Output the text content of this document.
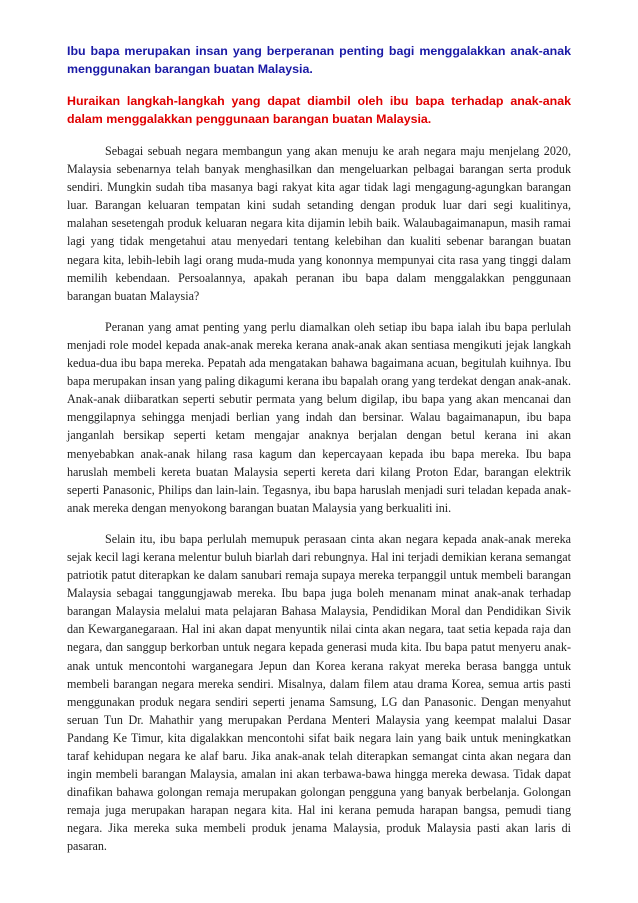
Ibu bapa merupakan insan yang berperanan penting bagi menggalakkan anak-anak menggunakan barangan buatan Malaysia.

Huraikan langkah-langkah yang dapat diambil oleh ibu bapa terhadap anak-anak dalam menggalakkan penggunaan barangan buatan Malaysia.

Sebagai sebuah negara membangun yang akan menuju ke arah negara maju menjelang 2020, Malaysia sebenarnya telah banyak menghasilkan dan mengeluarkan pelbagai barangan serta produk sendiri. Mungkin sudah tiba masanya bagi rakyat kita agar tidak lagi mengagung-agungkan barangan luar. Barangan keluaran tempatan kini sudah setanding dengan produk luar dari segi kualitinya, malahan sesetengah produk keluaran negara kita dijamin lebih baik. Walaubagaimanapun, masih ramai lagi yang tidak mengetahui atau menyedari tentang kelebihan dan kualiti sebenar barangan buatan negara kita, lebih-lebih lagi orang muda-muda yang kononnya mempunyai cita rasa yang tinggi dalam memilih kebendaan. Persoalannya, apakah peranan ibu bapa dalam menggalakkan penggunaan barangan buatan Malaysia?

Peranan yang amat penting yang perlu diamalkan oleh setiap ibu bapa ialah ibu bapa perlulah menjadi role model kepada anak-anak mereka kerana anak-anak akan sentiasa mengikuti jejak langkah kedua-dua ibu bapa mereka. Pepatah ada mengatakan bahawa bagaimana acuan, begitulah kuihnya. Ibu bapa merupakan insan yang paling dikagumi kerana ibu bapalah orang yang terdekat dengan anak-anak. Anak-anak diibaratkan seperti sebutir permata yang belum digilap, ibu bapa yang akan mencanai dan menggilapnya sehingga menjadi berlian yang indah dan bersinar. Walau bagaimanapun, ibu bapa janganlah bersikap seperti ketam mengajar anaknya berjalan dengan betul kerana ini akan menyebabkan anak-anak hilang rasa kagum dan kepercayaan kepada ibu bapa mereka. Ibu bapa haruslah membeli kereta buatan Malaysia seperti kereta dari kilang Proton Edar, barangan elektrik seperti Panasonic, Philips dan lain-lain. Tegasnya, ibu bapa haruslah menjadi suri teladan kepada anak-anak mereka dengan menyokong barangan buatan Malaysia yang berkualiti ini.

Selain itu, ibu bapa perlulah memupuk perasaan cinta akan negara kepada anak-anak mereka sejak kecil lagi kerana melentur buluh biarlah dari rebungnya. Hal ini terjadi demikian kerana semangat patriotik patut diterapkan ke dalam sanubari remaja supaya mereka terpanggil untuk membeli barangan Malaysia sebagai tanggungjawab mereka. Ibu bapa juga boleh menanam minat anak-anak terhadap barangan Malaysia melalui mata pelajaran Bahasa Malaysia, Pendidikan Moral dan Pendidikan Sivik dan Kewarganegaraan. Hal ini akan dapat menyuntik nilai cinta akan negara, taat setia kepada raja dan negara, dan sanggup berkorban untuk negara kepada generasi muda kita. Ibu bapa patut menyeru anak-anak untuk mencontohi warganegara Jepun dan Korea kerana rakyat mereka berasa bangga untuk membeli barangan negara mereka sendiri. Misalnya, dalam filem atau drama Korea, semua artis pasti menggunakan produk negara sendiri seperti jenama Samsung, LG dan Panasonic. Dengan menyahut seruan Tun Dr. Mahathir yang merupakan Perdana Menteri Malaysia yang keempat malalui Dasar Pandang Ke Timur, kita digalakkan mencontohi sifat baik negara lain yang baik untuk meningkatkan taraf kehidupan negara ke alaf baru. Jika anak-anak telah diterapkan semangat cinta akan negara dan ingin membeli barangan Malaysia, amalan ini akan terbawa-bawa hingga mereka dewasa. Tidak dapat dinafikan bahawa golongan remaja merupakan golongan pengguna yang banyak berbelanja. Golongan remaja juga merupakan harapan negara kita. Hal ini kerana pemuda harapan bangsa, pemudi tiang negara. Jika mereka suka membeli produk jenama Malaysia, produk Malaysia pasti akan laris di pasaran.
